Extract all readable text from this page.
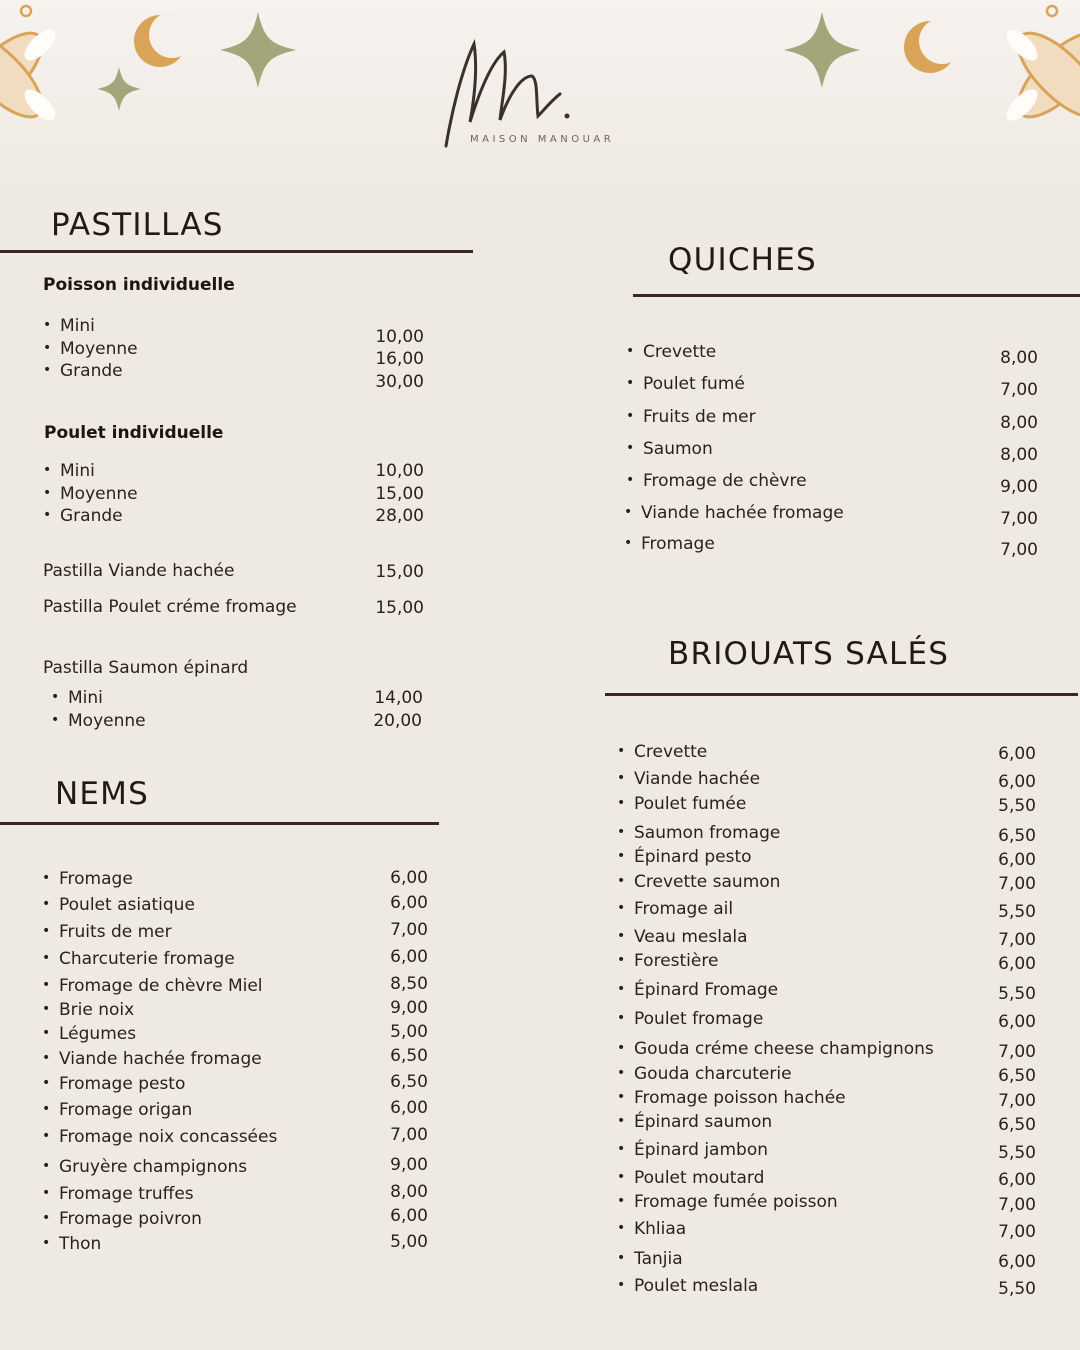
MAISON MANOUAR
PASTILLAS
Poisson individuelle
• Mini
• Moyenne
• Grande
10,00
16,00
30,00
Poulet individuelle
• Mini
• Moyenne
• Grande
10,00
15,00
28,00
Pastilla Viande hachée	15,00
Pastilla Poulet créme fromage	15,00
Pastilla Saumon épinard
• Mini
• Moyenne
14,00
20,00
NEMS
• Fromage
• Poulet asiatique
• Fruits de mer
• Charcuterie fromage
• Fromage de chèvre Miel
• Brie noix
• Légumes
• Viande hachée fromage
• Fromage pesto
• Fromage origan
• Fromage noix concassées
• Gruyère champignons
• Fromage truffes
• Fromage poivron
• Thon
6,00
6,00
7,00
6,00
8,50
9,00
5,00
6,50
6,50
6,00
7,00
9,00
8,00
6,00
5,00
QUICHES
• Crevette
• Poulet fumé
• Fruits de mer
• Saumon
• Fromage de chèvre
• Viande hachée fromage
• Fromage
8,00
7,00
8,00
8,00
9,00
7,00
7,00
BRIOUATS SALÉS
• Crevette
• Viande hachée
• Poulet fumée
• Saumon fromage
• Épinard pesto
• Crevette saumon
• Fromage ail
• Veau meslala
• Forestière
• Épinard Fromage
• Poulet fromage
• Gouda créme cheese champignons
• Gouda charcuterie
• Fromage poisson hachée
• Épinard saumon
• Épinard jambon
• Poulet moutard
• Fromage fumée poisson
• Khliaa
• Tanjia
• Poulet meslala
6,00
6,00
5,50
6,50
6,00
7,00
5,50
7,00
6,00
5,50
6,00
7,00
6,50
7,00
6,50
5,50
6,00
7,00
7,00
6,00
5,50
